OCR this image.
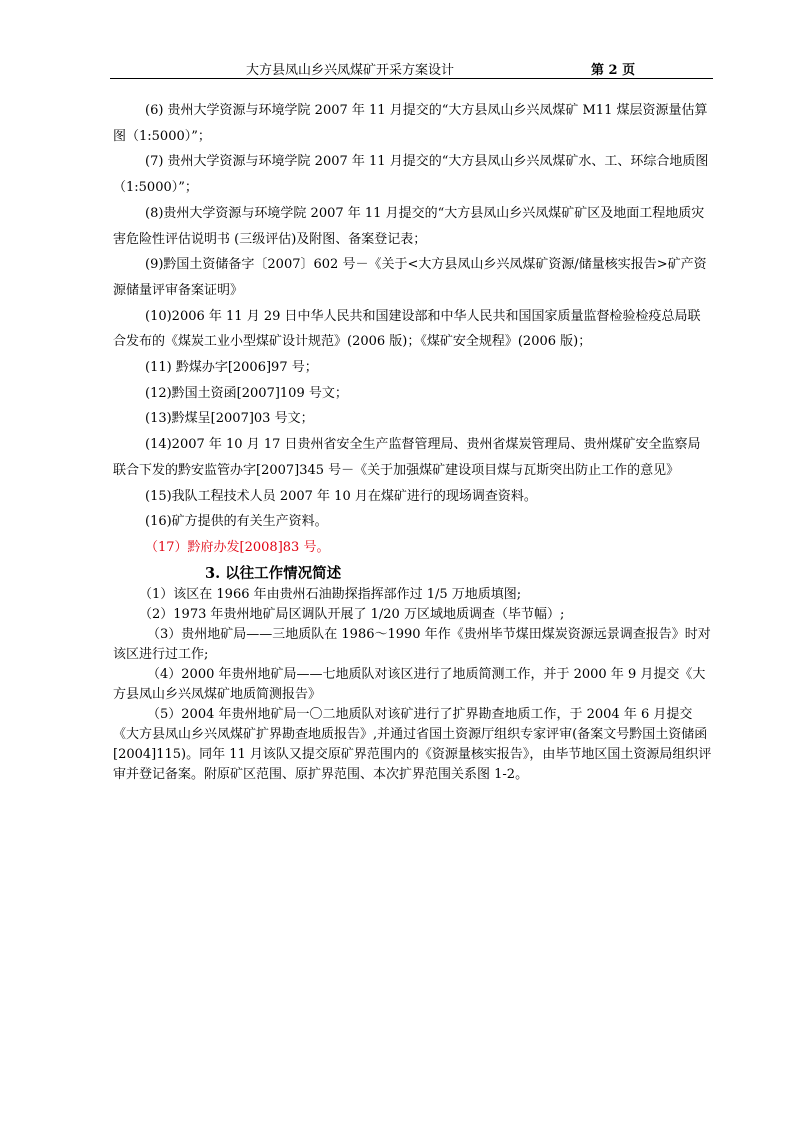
大方县凤山乡兴凤煤矿开采方案设计	第 2 页

(6) 贵州大学资源与环境学院 2007 年 11 月提交的“大方县凤山乡兴凤煤矿 M11 煤层资源量估算图（1:5000）”；

(7) 贵州大学资源与环境学院 2007 年 11 月提交的“大方县凤山乡兴凤煤矿水、工、环综合地质图（1:5000）”；

(8)贵州大学资源与环境学院 2007 年 11 月提交的“大方县凤山乡兴凤煤矿矿区及地面工程地质灾害危险性评估说明书 (三级评估)及附图、备案登记表；

(9)黔国土资储备字〔2007〕602 号－《关于<大方县凤山乡兴凤煤矿资源/储量核实报告>矿产资源储量评审备案证明》

(10)2006 年 11 月 29 日中华人民共和国建设部和中华人民共和国国家质量监督检验检疫总局联合发布的《煤炭工业小型煤矿设计规范》(2006 版)；《煤矿安全规程》(2006 版)；

(11) 黔煤办字[2006]97 号；

(12)黔国土资函[2007]109 号文；

(13)黔煤呈[2007]03 号文；

(14)2007 年 10 月 17 日贵州省安全生产监督管理局、贵州省煤炭管理局、贵州煤矿安全监察局联合下发的黔安监管办字[2007]345 号－《关于加强煤矿建设项目煤与瓦斯突出防止工作的意见》

(15)我队工程技术人员 2007 年 10 月在煤矿进行的现场调查资料。

(16)矿方提供的有关生产资料。

（17）黔府办发[2008]83 号。

3. 以往工作情况简述

（1）该区在 1966 年由贵州石油勘探指挥部作过 1/5 万地质填图;

（2）1973 年贵州地矿局区调队开展了 1/20 万区域地质调查（毕节幅）;

（3）贵州地矿局——三地质队在 1986～1990 年作《贵州毕节煤田煤炭资源远景调查报告》时对该区进行过工作;

（4）2000 年贵州地矿局——七地质队对该区进行了地质简测工作，并于 2000 年 9 月提交《大方县凤山乡兴凤煤矿地质简测报告》

（5）2004 年贵州地矿局一〇二地质队对该矿进行了扩界勘查地质工作，于 2004 年 6 月提交《大方县凤山乡兴凤煤矿扩界勘查地质报告》,并通过省国土资源厅组织专家评审(备案文号黔国土资储函[2004]115)。同年 11 月该队又提交原矿界范围内的《资源量核实报告》，由毕节地区国土资源局组织评审并登记备案。附原矿区范围、原扩界范围、本次扩界范围关系图 1-2。
